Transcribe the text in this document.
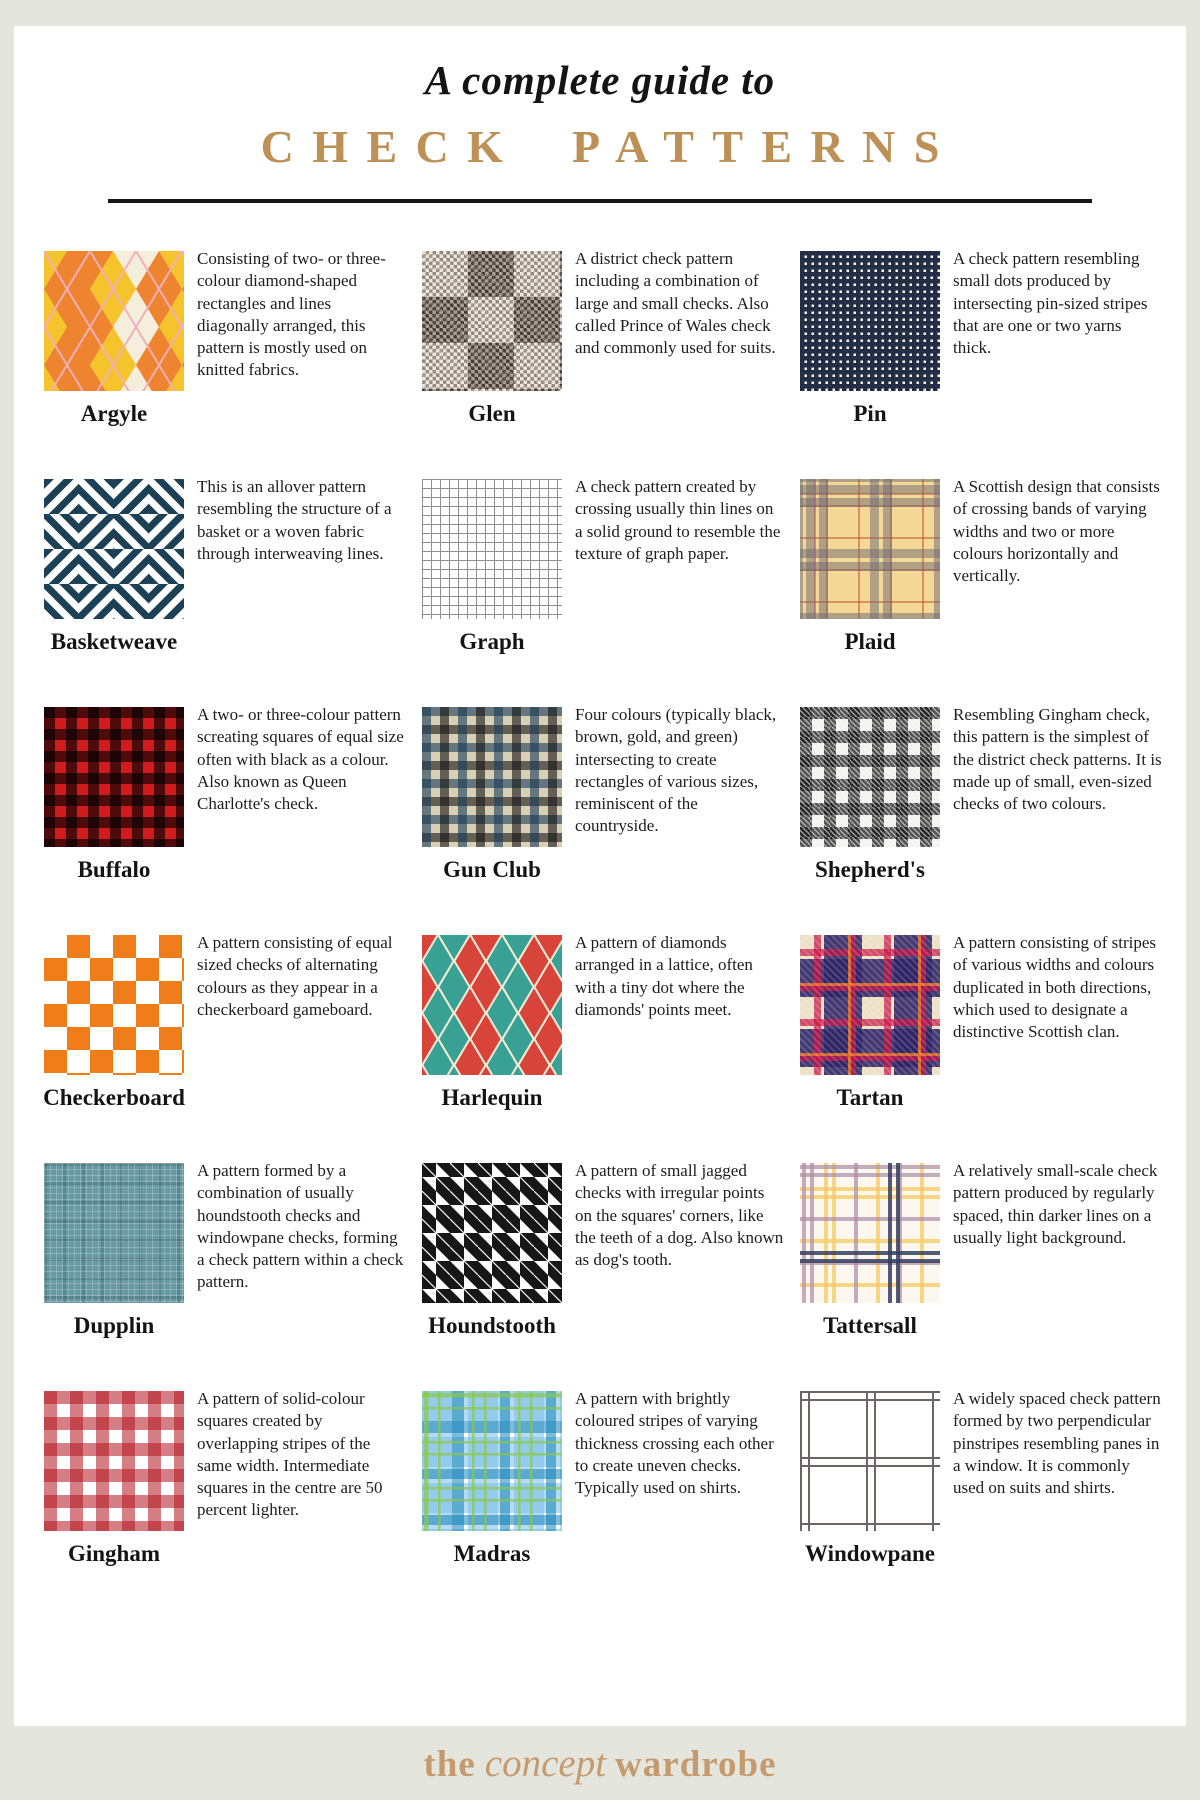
A complete guide to
CHECK PATTERNS
Argyle

Consisting of two- or three-colour diamond-shaped rectangles and lines diagonally arranged, this pattern is mostly used on knitted fabrics.

Glen

A district check pattern including a combination of large and small checks. Also called Prince of Wales check and commonly used for suits.

Pin

A check pattern resembling small dots produced by intersecting pin-sized stripes that are one or two yarns thick.

Basketweave

This is an allover pattern resembling the structure of a basket or a woven fabric through interweaving lines.

Graph

A check pattern created by crossing usually thin lines on a solid ground to resemble the texture of graph paper.

Plaid

A Scottish design that consists of crossing bands of varying widths and two or more colours horizontally and vertically.

Buffalo

A two- or three-colour pattern screating squares of equal size often with black as a colour. Also known as Queen Charlotte's check.

Gun Club

Four colours (typically black, brown, gold, and green) intersecting to create rectangles of various sizes, reminiscent of the countryside.

Shepherd's

Resembling Gingham check, this pattern is the simplest of the district check patterns. It is made up of small, even-sized checks of two colours.

Checkerboard

A pattern consisting of equal sized checks of alternating colours as they appear in a checkerboard gameboard.

Harlequin

A pattern of diamonds arranged in a lattice, often with a tiny dot where the diamonds' points meet.

Tartan

A pattern consisting of stripes of various widths and colours duplicated in both directions, which used to designate a distinctive Scottish clan.

Dupplin

A pattern formed by a combination of usually houndstooth checks and windowpane checks, forming a check pattern within a check pattern.

Houndstooth

A pattern of small jagged checks with irregular points on the squares' corners, like the teeth of a dog. Also known as dog's tooth.

Tattersall

A relatively small-scale check pattern produced by regularly spaced, thin darker lines on a usually light background.

Gingham

A pattern of solid-colour squares created by overlapping stripes of the same width. Intermediate squares in the centre are 50 percent lighter.

Madras

A pattern with brightly coloured stripes of varying thickness crossing each other to create uneven checks. Typically used on shirts.

Windowpane

A widely spaced check pattern formed by two perpendicular pinstripes resembling panes in a window. It is commonly used on suits and shirts.

the concept wardrobe
